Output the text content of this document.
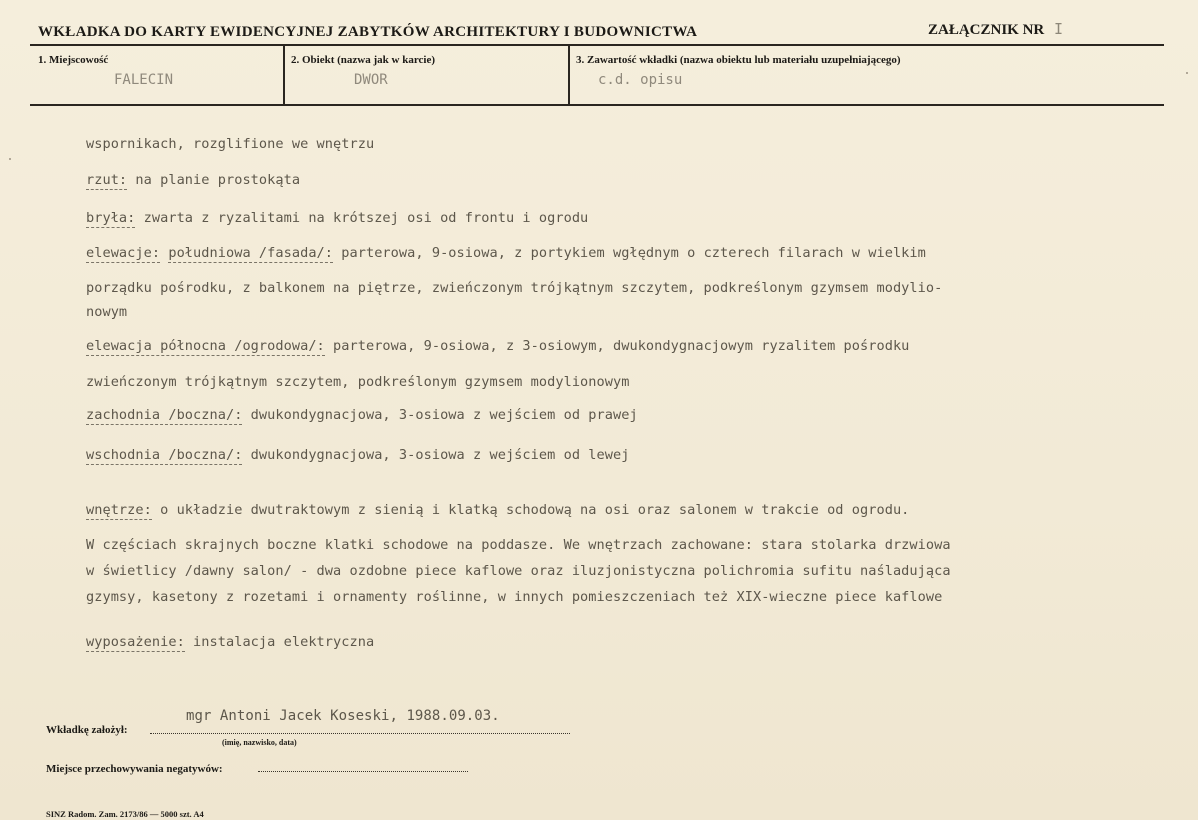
WKŁADKA DO KARTY EWIDENCYJNEJ ZABYTKÓW ARCHITEKTURY I BUDOWNICTWA	ZAŁĄCZNIK NR I
1. Miejscowość
FALECIN
2. Obiekt (nazwa jak w karcie)
DWOR
3. Zawartość wkładki (nazwa obiektu lub materiału uzupełniającego)
c.d. opisu
wspornikach, rozglifione we wnętrzu
rzut: na planie prostokąta
bryła: zwarta z ryzalitami na krótszej osi od frontu i ogrodu
elewacje: południowa /fasada/: parterowa, 9-osiowa, z portykiem wgłędnym o czterech filarach w wielkim
porządku pośrodku, z balkonem na piętrze, zwieńczonym trójkątnym szczytem, podkreślonym gzymsem modylio-
nowym
elewacja północna /ogrodowa/: parterowa, 9-osiowa, z 3-osiowym, dwukondygnacjowym ryzalitem pośrodku
zwieńczonym trójkątnym szczytem, podkreślonym gzymsem modylionowym
zachodnia /boczna/: dwukondygnacjowa, 3-osiowa z wejściem od prawej
wschodnia /boczna/: dwukondygnacjowa, 3-osiowa z wejściem od lewej
wnętrze: o układzie dwutraktowym z sienią i klatką schodową na osi oraz salonem w trakcie od ogrodu.
W częściach skrajnych boczne klatki schodowe na poddasze. We wnętrzach zachowane: stara stolarka drzwiowa
w świetlicy /dawny salon/ - dwa ozdobne piece kaflowe oraz iluzjonistyczna polichromia sufitu naśladująca
gzymsy, kasetony z rozetami i ornamenty roślinne, w innych pomieszczeniach też XIX-wieczne piece kaflowe
wyposażenie: instalacja elektryczna
mgr Antoni Jacek Koseski, 1988.09.03.
Wkładkę założył:
(imię, nazwisko, data)
Miejsce przechowywania negatywów:
SINZ Radom. Zam. 2173/86 — 5000 szt. A4
